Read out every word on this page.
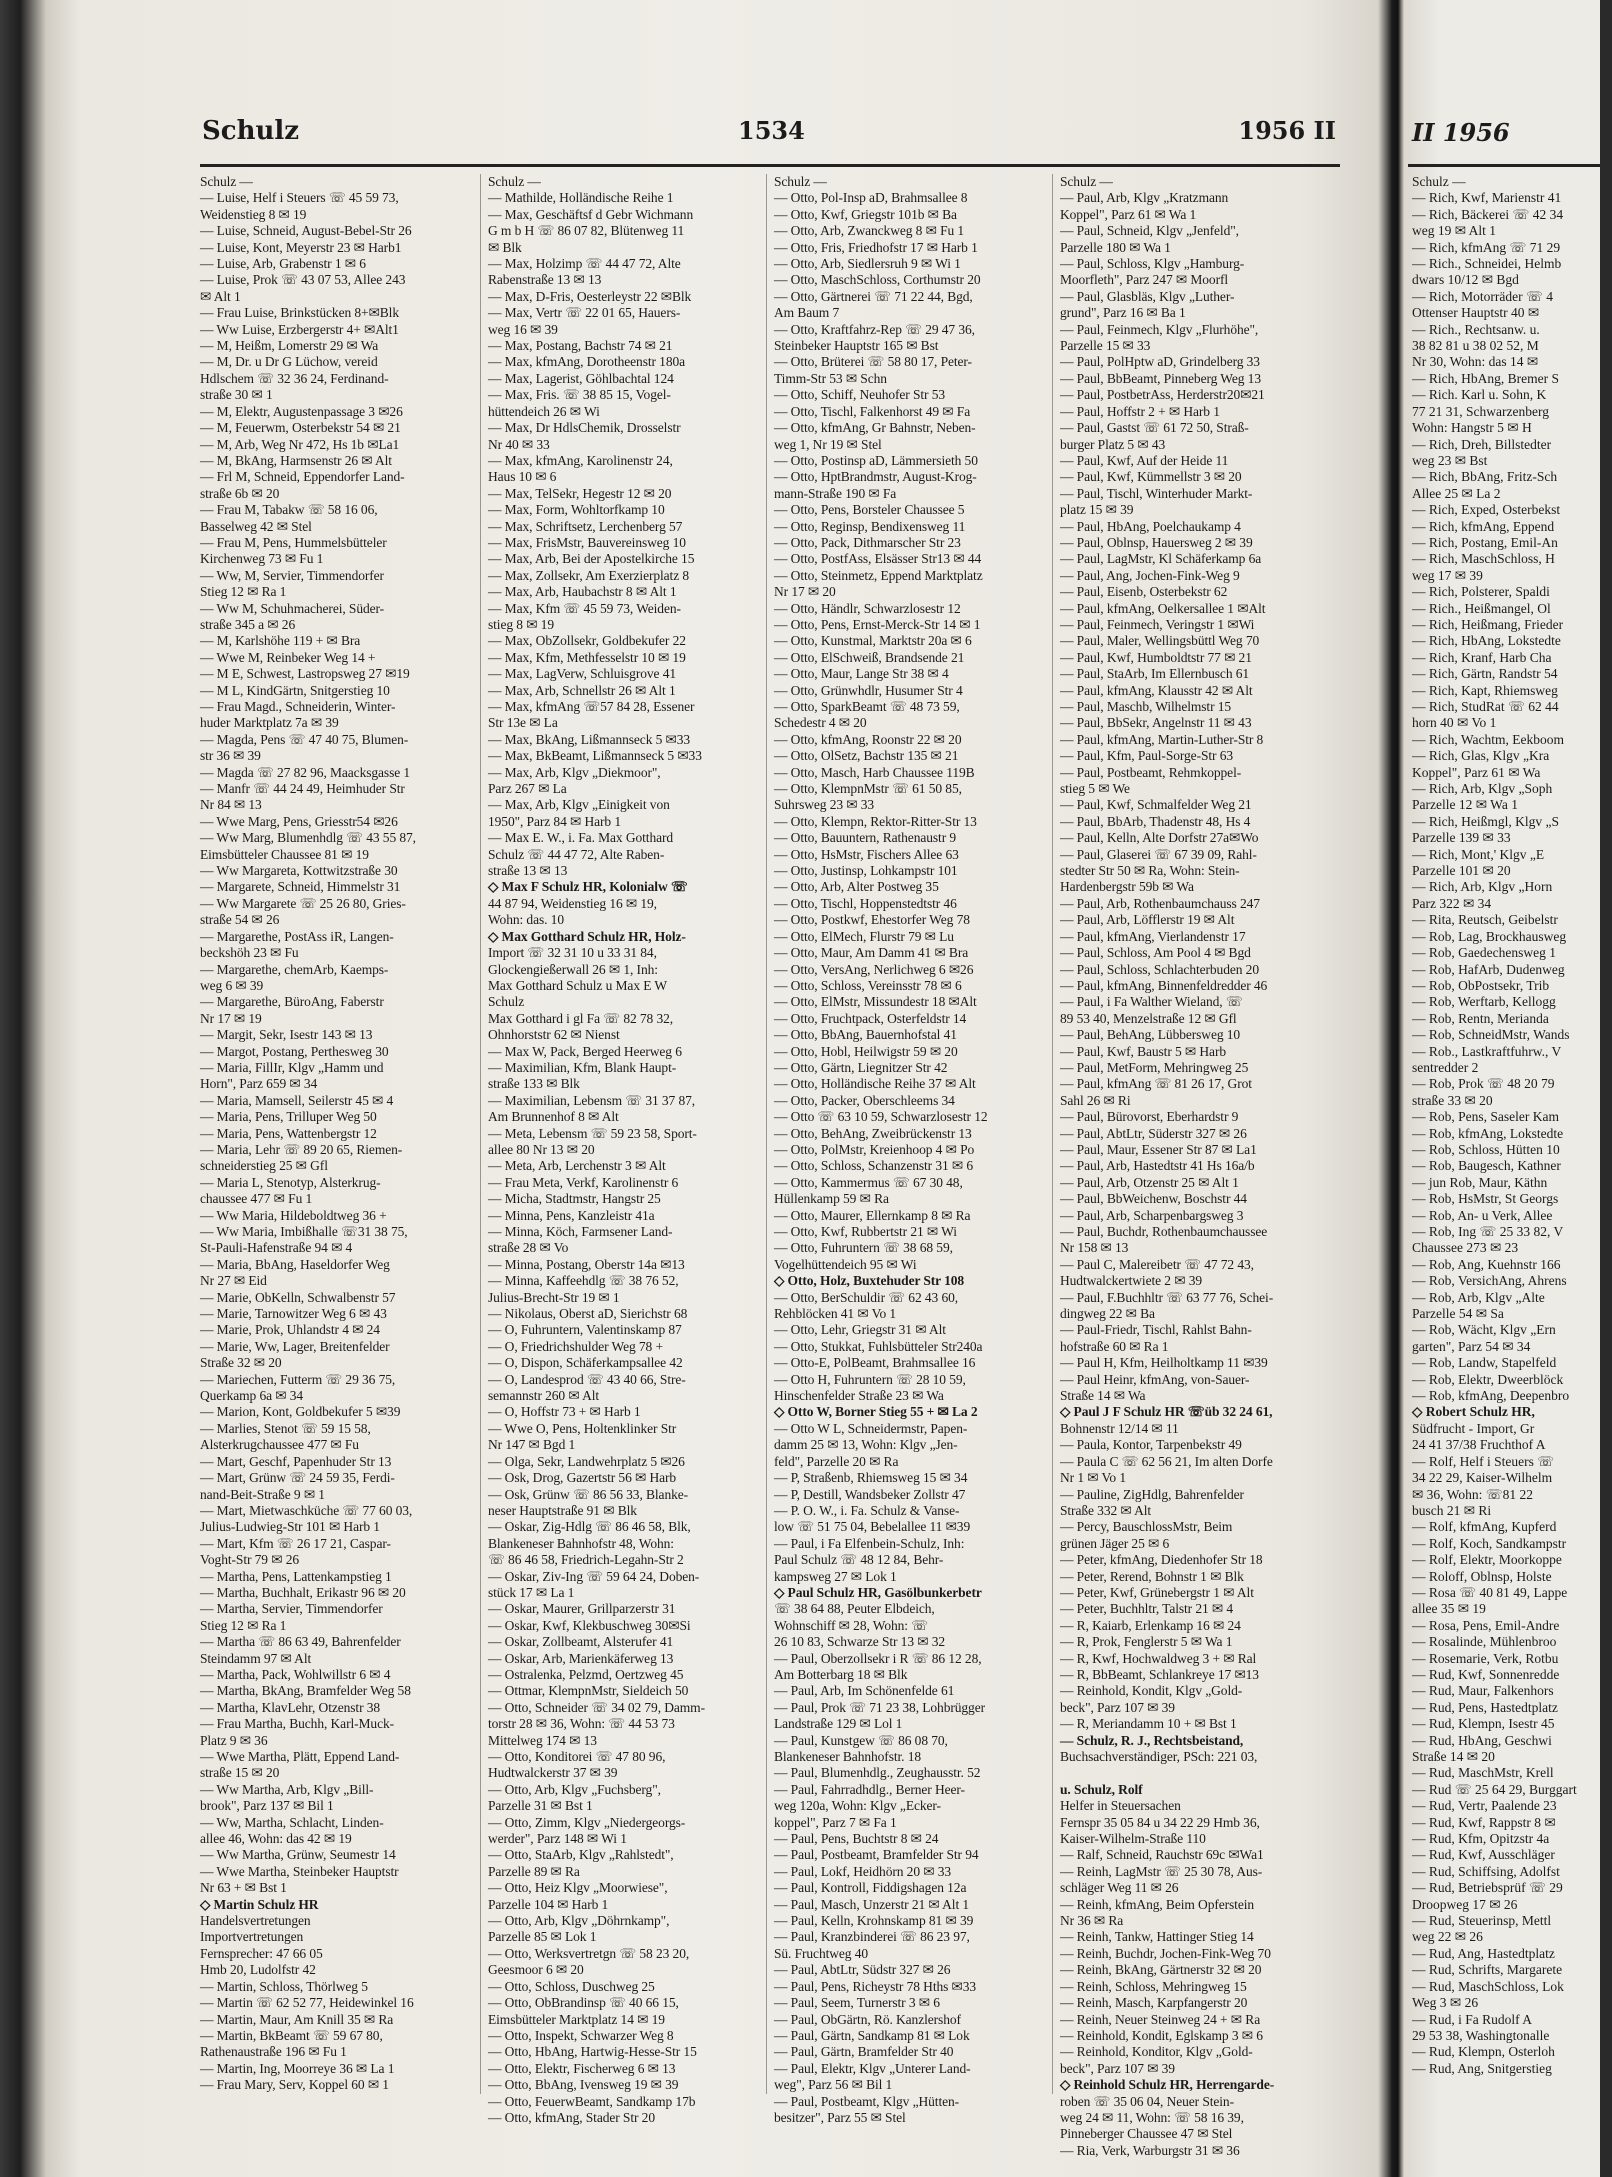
Schulz	1534	1956 II
Schulz —
— Luise, Helf i Steuers ☏ 45 59 73,
Weidenstieg 8 ✉ 19
— Luise, Schneid, August-Bebel-Str 26
— Luise, Kont, Meyerstr 23 ✉ Harb1
— Luise, Arb, Grabenstr 1 ✉ 6
— Luise, Prok ☏ 43 07 53, Allee 243
✉ Alt 1
— Frau Luise, Brinkstücken 8+✉Blk
— Ww Luise, Erzbergerstr 4+ ✉Alt1
— M, Heißm, Lomerstr 29 ✉ Wa
— M, Dr. u Dr G Lüchow, vereid
Hdlschem ☏ 32 36 24, Ferdinand-
straße 30 ✉ 1
— M, Elektr, Augustenpassage 3 ✉26
— M, Feuerwm, Osterbekstr 54 ✉ 21
— M, Arb, Weg Nr 472, Hs 1b ✉La1
— M, BkAng, Harmsenstr 26 ✉ Alt
— Frl M, Schneid, Eppendorfer Land-
straße 6b ✉ 20
— Frau M, Tabakw ☏ 58 16 06,
Basselweg 42 ✉ Stel
— Frau M, Pens, Hummelsbütteler
Kirchenweg 73 ✉ Fu 1
— Ww, M, Servier, Timmendorfer
Stieg 12 ✉ Ra 1
— Ww M, Schuhmacherei, Süder-
straße 345 a ✉ 26
— M, Karlshöhe 119 + ✉ Bra
— Wwe M, Reinbeker Weg 14 +
— M E, Schwest, Lastropsweg 27 ✉19
— M L, KindGärtn, Snitgerstieg 10
— Frau Magd., Schneiderin, Winter-
huder Marktplatz 7a ✉ 39
— Magda, Pens ☏ 47 40 75, Blumen-
str 36 ✉ 39
— Magda ☏ 27 82 96, Maacksgasse 1
— Manfr ☏ 44 24 49, Heimhuder Str
Nr 84 ✉ 13
— Wwe Marg, Pens, Griesstr54 ✉26
— Ww Marg, Blumenhdlg ☏ 43 55 87,
Eimsbütteler Chaussee 81 ✉ 19
— Ww Margareta, Kottwitzstraße 30
— Margarete, Schneid, Himmelstr 31
— Ww Margarete ☏ 25 26 80, Gries-
straße 54 ✉ 26
— Margarethe, PostAss iR, Langen-
beckshöh 23 ✉ Fu
— Margarethe, chemArb, Kaemps-
weg 6 ✉ 39
— Margarethe, BüroAng, Faberstr
Nr 17 ✉ 19
— Margit, Sekr, Isestr 143 ✉ 13
— Margot, Postang, Perthesweg 30
— Maria, FillIr, Klgv „Hamm und
Horn", Parz 659 ✉ 34
— Maria, Mamsell, Seilerstr 45 ✉ 4
— Maria, Pens, Trilluper Weg 50
— Maria, Pens, Wattenbergstr 12
— Maria, Lehr ☏ 89 20 65, Riemen-
schneiderstieg 25 ✉ Gfl
— Maria L, Stenotyp, Alsterkrug-
chaussee 477 ✉ Fu 1
— Ww Maria, Hildeboldtweg 36 +
— Ww Maria, Imbißhalle ☏31 38 75,
St-Pauli-Hafenstraße 94 ✉ 4
— Maria, BbAng, Haseldorfer Weg
Nr 27 ✉ Eid
— Marie, ObKelln, Schwalbenstr 57
— Marie, Tarnowitzer Weg 6 ✉ 43
— Marie, Prok, Uhlandstr 4 ✉ 24
— Marie, Ww, Lager, Breitenfelder
Straße 32 ✉ 20
— Mariechen, Futterm ☏ 29 36 75,
Querkamp 6a ✉ 34
— Marion, Kont, Goldbekufer 5 ✉39
— Marlies, Stenot ☏ 59 15 58,
Alsterkrugchaussee 477 ✉ Fu
— Mart, Geschf, Papenhuder Str 13
— Mart, Grünw ☏ 24 59 35, Ferdi-
nand-Beit-Straße 9 ✉ 1
— Mart, Mietwaschküche ☏ 77 60 03,
Julius-Ludwieg-Str 101 ✉ Harb 1
— Mart, Kfm ☏ 26 17 21, Caspar-
Voght-Str 79 ✉ 26
— Martha, Pens, Lattenkampstieg 1
— Martha, Buchhalt, Erikastr 96 ✉ 20
— Martha, Servier, Timmendorfer
Stieg 12 ✉ Ra 1
— Martha ☏ 86 63 49, Bahrenfelder
Steindamm 97 ✉ Alt
— Martha, Pack, Wohlwillstr 6 ✉ 4
— Martha, BkAng, Bramfelder Weg 58
— Martha, KlavLehr, Otzenstr 38
— Frau Martha, Buchh, Karl-Muck-
Platz 9 ✉ 36
— Wwe Martha, Plätt, Eppend Land-
straße 15 ✉ 20
— Ww Martha, Arb, Klgv „Bill-
brook", Parz 137 ✉ Bil 1
— Ww, Martha, Schlacht, Linden-
allee 46, Wohn: das 42 ✉ 19
— Ww Martha, Grünw, Seumestr 14
— Wwe Martha, Steinbeker Hauptstr
Nr 63 + ✉ Bst 1
◇ Martin Schulz HR
Handelsvertretungen
Importvertretungen
Fernsprecher: 47 66 05
Hmb 20, Ludolfstr 42
— Martin, Schloss, Thörlweg 5
— Martin ☏ 62 52 77, Heidewinkel 16
— Martin, Maur, Am Knill 35 ✉ Ra
— Martin, BkBeamt ☏ 59 67 80,
Rathenaustraße 196 ✉ Fu 1
— Martin, Ing, Moorreye 36 ✉ La 1
— Frau Mary, Serv, Koppel 60 ✉ 1
Schulz —
— Mathilde, Holländische Reihe 1
— Max, Geschäftsf d Gebr Wichmann
G m b H ☏ 86 07 82, Blütenweg 11
✉ Blk
— Max, Holzimp ☏ 44 47 72, Alte
Rabenstraße 13 ✉ 13
— Max, D-Fris, Oesterleystr 22 ✉Blk
— Max, Vertr ☏ 22 01 65, Hauers-
weg 16 ✉ 39
— Max, Postang, Bachstr 74 ✉ 21
— Max, kfmAng, Dorotheenstr 180a
— Max, Lagerist, Göhlbachtal 124
— Max, Fris. ☏ 38 85 15, Vogel-
hüttendeich 26 ✉ Wi
— Max, Dr HdlsChemik, Drosselstr
Nr 40 ✉ 33
— Max, kfmAng, Karolinenstr 24,
Haus 10 ✉ 6
— Max, TelSekr, Hegestr 12 ✉ 20
— Max, Form, Wohltorfkamp 10
— Max, Schriftsetz, Lerchenberg 57
— Max, FrisMstr, Bauvereinsweg 10
— Max, Arb, Bei der Apostelkirche 15
— Max, Zollsekr, Am Exerzierplatz 8
— Max, Arb, Haubachstr 8 ✉ Alt 1
— Max, Kfm ☏ 45 59 73, Weiden-
stieg 8 ✉ 19
— Max, ObZollsekr, Goldbekufer 22
— Max, Kfm, Methfesselstr 10 ✉ 19
— Max, LagVerw, Schluisgrove 41
— Max, Arb, Schnellstr 26 ✉ Alt 1
— Max, kfmAng ☏57 84 28, Essener
Str 13e ✉ La
— Max, BkAng, Lißmannseck 5 ✉33
— Max, BkBeamt, Lißmannseck 5 ✉33
— Max, Arb, Klgv „Diekmoor",
Parz 267 ✉ La
— Max, Arb, Klgv „Einigkeit von
1950", Parz 84 ✉ Harb 1
— Max E. W., i. Fa. Max Gotthard
Schulz ☏ 44 47 72, Alte Raben-
straße 13 ✉ 13
◇ Max F Schulz HR, Kolonialw ☏
44 87 94, Weidenstieg 16 ✉ 19,
Wohn: das. 10
◇ Max Gotthard Schulz HR, Holz-
Import ☏ 32 31 10 u 33 31 84,
Glockengießerwall 26 ✉ 1, Inh:
Max Gotthard Schulz u Max E W
Schulz
Max Gotthard i gl Fa ☏ 82 78 32,
Ohnhorststr 62 ✉ Nienst
— Max W, Pack, Berged Heerweg 6
— Maximilian, Kfm, Blank Haupt-
straße 133 ✉ Blk
— Maximilian, Lebensm ☏ 31 37 87,
Am Brunnenhof 8 ✉ Alt
— Meta, Lebensm ☏ 59 23 58, Sport-
allee 80 Nr 13 ✉ 20
— Meta, Arb, Lerchenstr 3 ✉ Alt
— Frau Meta, Verkf, Karolinenstr 6
— Micha, Stadtmstr, Hangstr 25
— Minna, Pens, Kanzleistr 41a
— Minna, Köch, Farmsener Land-
straße 28 ✉ Vo
— Minna, Postang, Oberstr 14a ✉13
— Minna, Kaffeehdlg ☏ 38 76 52,
Julius-Brecht-Str 19 ✉ 1
— Nikolaus, Oberst aD, Sierichstr 68
— O, Fuhruntern, Valentinskamp 87
— O, Friedrichshulder Weg 78 +
— O, Dispon, Schäferkampsallee 42
— O, Landesprod ☏ 43 40 66, Stre-
semannstr 260 ✉ Alt
— O, Hoffstr 73 + ✉ Harb 1
— Wwe O, Pens, Holtenklinker Str
Nr 147 ✉ Bgd 1
— Olga, Sekr, Landwehrplatz 5 ✉26
— Osk, Drog, Gazertstr 56 ✉ Harb
— Osk, Grünw ☏ 86 56 33, Blanke-
neser Hauptstraße 91 ✉ Blk
— Oskar, Zig-Hdlg ☏ 86 46 58, Blk,
Blankeneser Bahnhofstr 48, Wohn:
☏ 86 46 58, Friedrich-Legahn-Str 2
— Oskar, Ziv-Ing ☏ 59 64 24, Doben-
stück 17 ✉ La 1
— Oskar, Maurer, Grillparzerstr 31
— Oskar, Kwf, Klekbuschweg 30✉Si
— Oskar, Zollbeamt, Alsterufer 41
— Oskar, Arb, Marienkäferweg 13
— Ostralenka, Pelzmd, Oertzweg 45
— Ottmar, KlempnMstr, Sieldeich 50
— Otto, Schneider ☏ 34 02 79, Damm-
torstr 28 ✉ 36, Wohn: ☏ 44 53 73
Mittelweg 174 ✉ 13
— Otto, Konditorei ☏ 47 80 96,
Hudtwalckerstr 37 ✉ 39
— Otto, Arb, Klgv „Fuchsberg",
Parzelle 31 ✉ Bst 1
— Otto, Zimm, Klgv „Niedergeorgs-
werder", Parz 148 ✉ Wi 1
— Otto, StaArb, Klgv „Rahlstedt",
Parzelle 89 ✉ Ra
— Otto, Heiz Klgv „Moorwiese",
Parzelle 104 ✉ Harb 1
— Otto, Arb, Klgv „Döhrnkamp",
Parzelle 85 ✉ Lok 1
— Otto, Werksvertretgn ☏ 58 23 20,
Geesmoor 6 ✉ 20
— Otto, Schloss, Duschweg 25
— Otto, ObBrandinsp ☏ 40 66 15,
Eimsbütteler Marktplatz 14 ✉ 19
— Otto, Inspekt, Schwarzer Weg 8
— Otto, HbAng, Hartwig-Hesse-Str 15
— Otto, Elektr, Fischerweg 6 ✉ 13
— Otto, BbAng, Ivensweg 19 ✉ 39
— Otto, FeuerwBeamt, Sandkamp 17b
— Otto, kfmAng, Stader Str 20
Schulz —
— Otto, Pol-Insp aD, Brahmsallee 8
— Otto, Kwf, Griegstr 101b ✉ Ba
— Otto, Arb, Zwanckweg 8 ✉ Fu 1
— Otto, Fris, Friedhofstr 17 ✉ Harb 1
— Otto, Arb, Siedlersruh 9 ✉ Wi 1
— Otto, MaschSchloss, Corthumstr 20
— Otto, Gärtnerei ☏ 71 22 44, Bgd,
Am Baum 7
— Otto, Kraftfahrz-Rep ☏ 29 47 36,
Steinbeker Hauptstr 165 ✉ Bst
— Otto, Brüterei ☏ 58 80 17, Peter-
Timm-Str 53 ✉ Schn
— Otto, Schiff, Neuhofer Str 53
— Otto, Tischl, Falkenhorst 49 ✉ Fa
— Otto, kfmAng, Gr Bahnstr, Neben-
weg 1, Nr 19 ✉ Stel
— Otto, Postinsp aD, Lämmersieth 50
— Otto, HptBrandmstr, August-Krog-
mann-Straße 190 ✉ Fa
— Otto, Pens, Borsteler Chaussee 5
— Otto, Reginsp, Bendixensweg 11
— Otto, Pack, Dithmarscher Str 23
— Otto, PostfAss, Elsässer Str13 ✉ 44
— Otto, Steinmetz, Eppend Marktplatz
Nr 17 ✉ 20
— Otto, Händlr, Schwarzlosestr 12
— Otto, Pens, Ernst-Merck-Str 14 ✉ 1
— Otto, Kunstmal, Marktstr 20a ✉ 6
— Otto, ElSchweiß, Brandsende 21
— Otto, Maur, Lange Str 38 ✉ 4
— Otto, Grünwhdlr, Husumer Str 4
— Otto, SparkBeamt ☏ 48 73 59,
Schedestr 4 ✉ 20
— Otto, kfmAng, Roonstr 22 ✉ 20
— Otto, OlSetz, Bachstr 135 ✉ 21
— Otto, Masch, Harb Chaussee 119B
— Otto, KlempnMstr ☏ 61 50 85,
Suhrsweg 23 ✉ 33
— Otto, Klempn, Rektor-Ritter-Str 13
— Otto, Bauuntern, Rathenaustr 9
— Otto, HsMstr, Fischers Allee 63
— Otto, Justinsp, Lohkampstr 101
— Otto, Arb, Alter Postweg 35
— Otto, Tischl, Hoppenstedtstr 46
— Otto, Postkwf, Ehestorfer Weg 78
— Otto, ElMech, Flurstr 79 ✉ Lu
— Otto, Maur, Am Damm 41 ✉ Bra
— Otto, VersAng, Nerlichweg 6 ✉26
— Otto, Schloss, Vereinsstr 78 ✉ 6
— Otto, ElMstr, Missundestr 18 ✉Alt
— Otto, Fruchtpack, Osterfeldstr 14
— Otto, BbAng, Bauernhofstal 41
— Otto, Hobl, Heilwigstr 59 ✉ 20
— Otto, Gärtn, Liegnitzer Str 42
— Otto, Holländische Reihe 37 ✉ Alt
— Otto, Packer, Oberschleems 34
— Otto ☏ 63 10 59, Schwarzlosestr 12
— Otto, BehAng, Zweibrückenstr 13
— Otto, PolMstr, Kreienhoop 4 ✉ Po
— Otto, Schloss, Schanzenstr 31 ✉ 6
— Otto, Kammermus ☏ 67 30 48,
Hüllenkamp 59 ✉ Ra
— Otto, Maurer, Ellernkamp 8 ✉ Ra
— Otto, Kwf, Rubbertstr 21 ✉ Wi
— Otto, Fuhruntern ☏ 38 68 59,
Vogelhüttendeich 95 ✉ Wi
◇ Otto, Holz, Buxtehuder Str 108
— Otto, BerSchuldir ☏ 62 43 60,
Rehblöcken 41 ✉ Vo 1
— Otto, Lehr, Griegstr 31 ✉ Alt
— Otto, Stukkat, Fuhlsbütteler Str240a
— Otto-E, PolBeamt, Brahmsallee 16
— Otto H, Fuhruntern ☏ 28 10 59,
Hinschenfelder Straße 23 ✉ Wa
◇ Otto W, Borner Stieg 55 + ✉ La 2
— Otto W L, Schneidermstr, Papen-
damm 25 ✉ 13, Wohn: Klgv „Jen-
feld", Parzelle 20 ✉ Ra
— P, Straßenb, Rhiemsweg 15 ✉ 34
— P, Destill, Wandsbeker Zollstr 47
— P. O. W., i. Fa. Schulz & Vanse-
low ☏ 51 75 04, Bebelallee 11 ✉39
— Paul, i Fa Elfenbein-Schulz, Inh:
Paul Schulz ☏ 48 12 84, Behr-
kampsweg 27 ✉ Lok 1
◇ Paul Schulz HR, Gasölbunkerbetr
☏ 38 64 88, Peuter Elbdeich,
Wohnschiff ✉ 28, Wohn: ☏
26 10 83, Schwarze Str 13 ✉ 32
— Paul, Oberzollsekr i R ☏ 86 12 28,
Am Botterbarg 18 ✉ Blk
— Paul, Arb, Im Schönenfelde 61
— Paul, Prok ☏ 71 23 38, Lohbrügger
Landstraße 129 ✉ Lol 1
— Paul, Kunstgew ☏ 86 08 70,
Blankeneser Bahnhofstr. 18
— Paul, Blumenhdlg., Zeughausstr. 52
— Paul, Fahrradhdlg., Berner Heer-
weg 120a, Wohn: Klgv „Ecker-
koppel", Parz 7 ✉ Fa 1
— Paul, Pens, Buchtstr 8 ✉ 24
— Paul, Postbeamt, Bramfelder Str 94
— Paul, Lokf, Heidhörn 20 ✉ 33
— Paul, Kontroll, Fiddigshagen 12a
— Paul, Masch, Unzerstr 21 ✉ Alt 1
— Paul, Kelln, Krohnskamp 81 ✉ 39
— Paul, Kranzbinderei ☏ 86 23 97,
Sü. Fruchtweg 40
— Paul, AbtLtr, Südstr 327 ✉ 26
— Paul, Pens, Richeystr 78 Hths ✉33
— Paul, Seem, Turnerstr 3 ✉ 6
— Paul, ObGärtn, Rö. Kanzlershof
— Paul, Gärtn, Sandkamp 81 ✉ Lok
— Paul, Gärtn, Bramfelder Str 40
— Paul, Elektr, Klgv „Unterer Land-
weg", Parz 56 ✉ Bil 1
— Paul, Postbeamt, Klgv „Hütten-
besitzer", Parz 55 ✉ Stel
Schulz —
— Paul, Arb, Klgv „Kratzmann
Koppel", Parz 61 ✉ Wa 1
— Paul, Schneid, Klgv „Jenfeld",
Parzelle 180 ✉ Wa 1
— Paul, Schloss, Klgv „Hamburg-
Moorfleth", Parz 247 ✉ Moorfl
— Paul, Glasbläs, Klgv „Luther-
grund", Parz 16 ✉ Ba 1
— Paul, Feinmech, Klgv „Flurhöhe",
Parzelle 15 ✉ 33
— Paul, PolHptw aD, Grindelberg 33
— Paul, BbBeamt, Pinneberg Weg 13
— Paul, PostbetrAss, Herderstr20✉21
— Paul, Hoffstr 2 + ✉ Harb 1
— Paul, Gastst ☏ 61 72 50, Straß-
burger Platz 5 ✉ 43
— Paul, Kwf, Auf der Heide 11
— Paul, Kwf, Kümmellstr 3 ✉ 20
— Paul, Tischl, Winterhuder Markt-
platz 15 ✉ 39
— Paul, HbAng, Poelchaukamp 4
— Paul, Oblnsp, Hauersweg 2 ✉ 39
— Paul, LagMstr, Kl Schäferkamp 6a
— Paul, Ang, Jochen-Fink-Weg 9
— Paul, Eisenb, Osterbekstr 62
— Paul, kfmAng, Oelkersallee 1 ✉Alt
— Paul, Feinmech, Veringstr 1 ✉Wi
— Paul, Maler, Wellingsbüttl Weg 70
— Paul, Kwf, Humboldtstr 77 ✉ 21
— Paul, StaArb, Im Ellernbusch 61
— Paul, kfmAng, Klausstr 42 ✉ Alt
— Paul, Maschb, Wilhelmstr 15
— Paul, BbSekr, Angelnstr 11 ✉ 43
— Paul, kfmAng, Martin-Luther-Str 8
— Paul, Kfm, Paul-Sorge-Str 63
— Paul, Postbeamt, Rehmkoppel-
stieg 5 ✉ We
— Paul, Kwf, Schmalfelder Weg 21
— Paul, BbArb, Thadenstr 48, Hs 4
— Paul, Kelln, Alte Dorfstr 27a✉Wo
— Paul, Glaserei ☏ 67 39 09, Rahl-
stedter Str 50 ✉ Ra, Wohn: Stein-
Hardenbergstr 59b ✉ Wa
— Paul, Arb, Rothenbaumchauss 247
— Paul, Arb, Löfflerstr 19 ✉ Alt
— Paul, kfmAng, Vierlandenstr 17
— Paul, Schloss, Am Pool 4 ✉ Bgd
— Paul, Schloss, Schlachterbuden 20
— Paul, kfmAng, Binnenfeldredder 46
— Paul, i Fa Walther Wieland, ☏
89 53 40, Menzelstraße 12 ✉ Gfl
— Paul, BehAng, Lübbersweg 10
— Paul, Kwf, Baustr 5 ✉ Harb
— Paul, MetForm, Mehringweg 25
— Paul, kfmAng ☏ 81 26 17, Grot
Sahl 26 ✉ Ri
— Paul, Bürovorst, Eberhardstr 9
— Paul, AbtLtr, Süderstr 327 ✉ 26
— Paul, Maur, Essener Str 87 ✉ La1
— Paul, Arb, Hastedtstr 41 Hs 16a/b
— Paul, Arb, Otzenstr 25 ✉ Alt 1
— Paul, BbWeichenw, Boschstr 44
— Paul, Arb, Scharpenbargsweg 3
— Paul, Buchdr, Rothenbaumchaussee
Nr 158 ✉ 13
— Paul C, Malereibetr ☏ 47 72 43,
Hudtwalckertwiete 2 ✉ 39
— Paul, F.Buchhltr ☏ 63 77 76, Schei-
dingweg 22 ✉ Ba
— Paul-Friedr, Tischl, Rahlst Bahn-
hofstraße 60 ✉ Ra 1
— Paul H, Kfm, Heilholtkamp 11 ✉39
— Paul Heinr, kfmAng, von-Sauer-
Straße 14 ✉ Wa
◇ Paul J F Schulz HR ☏üb 32 24 61,
Bohnenstr 12/14 ✉ 11
— Paula, Kontor, Tarpenbekstr 49
— Paula C ☏ 62 56 21, Im alten Dorfe
Nr 1 ✉ Vo 1
— Pauline, ZigHdlg, Bahrenfelder
Straße 332 ✉ Alt
— Percy, BauschlossMstr, Beim
grünen Jäger 25 ✉ 6
— Peter, kfmAng, Diedenhofer Str 18
— Peter, Rerend, Bohnstr 1 ✉ Blk
— Peter, Kwf, Grünebergstr 1 ✉ Alt
— Peter, Buchhltr, Talstr 21 ✉ 4
— R, Kaiarb, Erlenkamp 16 ✉ 24
— R, Prok, Fenglerstr 5 ✉ Wa 1
— R, Kwf, Hochwaldweg 3 + ✉ Ral
— R, BbBeamt, Schlankreye 17 ✉13
— Reinhold, Kondit, Klgv „Gold-
beck", Parz 107 ✉ 39
— R, Meriandamm 10 + ✉ Bst 1
— Schulz, R. J., Rechtsbeistand,
Buchsachverständiger, PSch: 221 03,

u. Schulz, Rolf
Helfer in Steuersachen
Fernspr 35 05 84 u 34 22 29 Hmb 36,
Kaiser-Wilhelm-Straße 110
— Ralf, Schneid, Rauchstr 69c ✉Wa1
— Reinh, LagMstr ☏ 25 30 78, Aus-
schläger Weg 11 ✉ 26
— Reinh, kfmAng, Beim Opferstein
Nr 36 ✉ Ra
— Reinh, Tankw, Hattinger Stieg 14
— Reinh, Buchdr, Jochen-Fink-Weg 70
— Reinh, BkAng, Gärtnerstr 32 ✉ 20
— Reinh, Schloss, Mehringweg 15
— Reinh, Masch, Karpfangerstr 20
— Reinh, Neuer Steinweg 24 + ✉ Ra
— Reinhold, Kondit, Eglskamp 3 ✉ 6
— Reinhold, Konditor, Klgv „Gold-
beck", Parz 107 ✉ 39
◇ Reinhold Schulz HR, Herrengarde-
roben ☏ 35 06 04, Neuer Stein-
weg 24 ✉ 11, Wohn: ☏ 58 16 39,
Pinneberger Chaussee 47 ✉ Stel
— Ria, Verk, Warburgstr 31 ✉ 36
II 1956
Schulz —
— Rich, Kwf, Marienstr 41
— Rich, Bäckerei ☏ 42 34
weg 19 ✉ Alt 1
— Rich, kfmAng ☏ 71 29
— Rich., Schneidei, Helmb
dwars 10/12 ✉ Bgd
— Rich, Motorräder ☏ 4
Ottenser Hauptstr 40 ✉
— Rich., Rechtsanw. u.
38 82 81 u 38 02 52, M
Nr 30, Wohn: das 14 ✉
— Rich, HbAng, Bremer S
— Rich. Karl u. Sohn, K
77 21 31, Schwarzenberg
Wohn: Hangstr 5 ✉ H
— Rich, Dreh, Billstedter
weg 23 ✉ Bst
— Rich, BbAng, Fritz-Sch
Allee 25 ✉ La 2
— Rich, Exped, Osterbekst
— Rich, kfmAng, Eppend
— Rich, Postang, Emil-An
— Rich, MaschSchloss, H
weg 17 ✉ 39
— Rich, Polsterer, Spaldi
— Rich., Heißmangel, Ol
— Rich, Heißmang, Frieder
— Rich, HbAng, Lokstedte
— Rich, Kranf, Harb Cha
— Rich, Gärtn, Randstr 54
— Rich, Kapt, Rhiemsweg
— Rich, StudRat ☏ 62 44
horn 40 ✉ Vo 1
— Rich, Wachtm, Eekboom
— Rich, Glas, Klgv „Kra
Koppel", Parz 61 ✉ Wa
— Rich, Arb, Klgv „Soph
Parzelle 12 ✉ Wa 1
— Rich, Heißmgl, Klgv „S
Parzelle 139 ✉ 33
— Rich, Mont,' Klgv „E
Parzelle 101 ✉ 20
— Rich, Arb, Klgv „Horn
Parz 322 ✉ 34
— Rita, Reutsch, Geibelstr
— Rob, Lag, Brockhausweg
— Rob, Gaedechensweg 1
— Rob, HafArb, Dudenweg
— Rob, ObPostsekr, Trib
— Rob, Werftarb, Kellogg
— Rob, Rentn, Meriandа
— Rob, SchneidMstr, Wands
— Rob., Lastkraftfuhrw., V
sentredder 2
— Rob, Prok ☏ 48 20 79
straße 33 ✉ 20
— Rob, Pens, Saseler Kam
— Rob, kfmAng, Lokstedte
— Rob, Schloss, Hütten 10
— Rob, Baugesch, Kathner
— jun Rob, Maur, Käthn
— Rob, HsMstr, St Georgs
— Rob, An- u Verk, Allee
— Rob, Ing ☏ 25 33 82, V
Chaussee 273 ✉ 23
— Rob, Ang, Kuehnstr 166
— Rob, VersichAng, Ahrens
— Rob, Arb, Klgv „Alte
Parzelle 54 ✉ Sa
— Rob, Wächt, Klgv „Ern
garten", Parz 54 ✉ 34
— Rob, Landw, Stapelfeld
— Rob, Elektr, Dweerblöck
— Rob, kfmAng, Deepenbro
◇ Robert Schulz HR,
Südfrucht - Import, Gr
24 41 37/38 Fruchthof A
— Rolf, Helf i Steuers ☏
34 22 29, Kaiser-Wilhelm
✉ 36, Wohn: ☏81 22
busch 21 ✉ Ri
— Rolf, kfmAng, Kupferd
— Rolf, Koch, Sandkampstr
— Rolf, Elektr, Moorkoppe
— Roloff, Oblnsp, Holste
— Rosa ☏ 40 81 49, Lappe
allee 35 ✉ 19
— Rosa, Pens, Emil-Andre
— Rosalinde, Mühlenbroo
— Rosemarie, Verk, Rotbu
— Rud, Kwf, Sonnenredde
— Rud, Maur, Falkenhors
— Rud, Pens, Hastedtplatz
— Rud, Klempn, Isestr 45
— Rud, HbAng, Geschwi
Straße 14 ✉ 20
— Rud, MaschMstr, Krell
— Rud ☏ 25 64 29, Burggart
— Rud, Vertr, Paalende 23
— Rud, Kwf, Rappstr 8 ✉
— Rud, Kfm, Opitzstr 4a
— Rud, Kwf, Ausschläger
— Rud, Schiffsing, Adolfst
— Rud, Betriebsprüf ☏ 29
Droopweg 17 ✉ 26
— Rud, Steuerinsp, Mettl
weg 22 ✉ 26
— Rud, Ang, Hastedtplatz
— Rud, Schrifts, Margarete
— Rud, MaschSchloss, Lok
Weg 3 ✉ 26
— Rud, i Fa Rudolf A
29 53 38, Washingtonalle
— Rud, Klempn, Osterloh
— Rud, Ang, Snitgerstieg
